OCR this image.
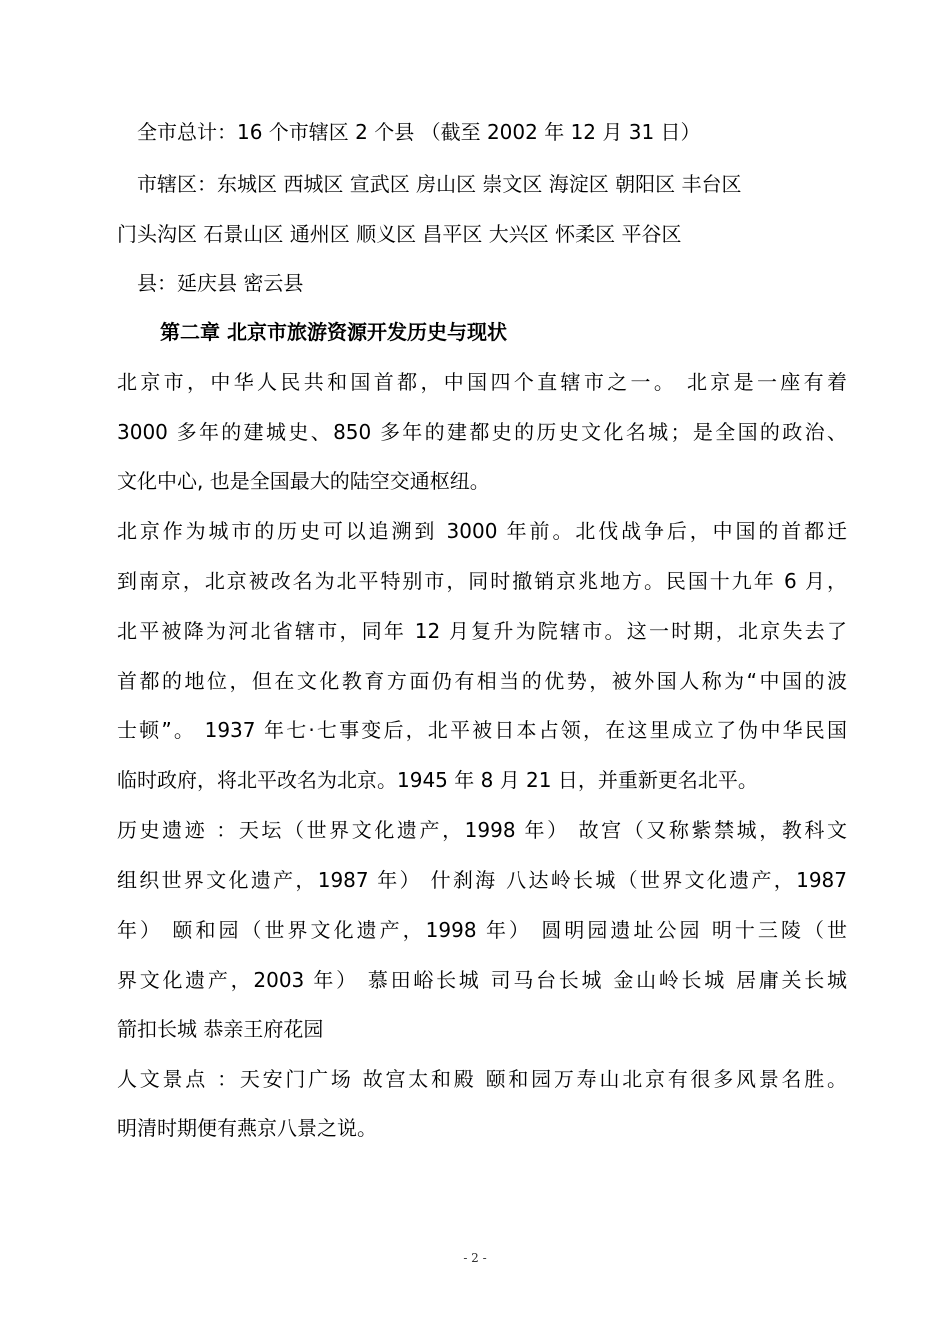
全市总计：16 个市辖区 2 个县 （截至 2002 年 12 月 31 日）
市辖区：东城区 西城区 宣武区 房山区 崇文区 海淀区 朝阳区 丰台区
门头沟区 石景山区 通州区 顺义区 昌平区 大兴区 怀柔区 平谷区
县：延庆县 密云县
第二章 北京市旅游资源开发历史与现状
北京市，中华人民共和国首都，中国四个直辖市之一。 北京是一座有着
3000 多年的建城史、850 多年的建都史的历史文化名城；是全国的政治、
文化中心, 也是全国最大的陆空交通枢纽。
北京作为城市的历史可以追溯到 3000 年前。北伐战争后，中国的首都迁
到南京，北京被改名为北平特别市，同时撤销京兆地方。民国十九年 6 月，
北平被降为河北省辖市，同年 12 月复升为院辖市。这一时期，北京失去了
首都的地位，但在文化教育方面仍有相当的优势，被外国人称为“中国的波
士顿”。 1937 年七·七事变后，北平被日本占领，在这里成立了伪中华民国
临时政府，将北平改名为北京。1945 年 8 月 21 日，并重新更名北平。
历史遗迹 ：天坛（世界文化遗产，1998 年） 故宫（又称紫禁城，教科文
组织世界文化遗产，1987 年） 什刹海 八达岭长城（世界文化遗产，1987
年） 颐和园（世界文化遗产，1998 年） 圆明园遗址公园 明十三陵（世
界文化遗产，2003 年） 慕田峪长城 司马台长城 金山岭长城 居庸关长城
箭扣长城 恭亲王府花园
人文景点 ：天安门广场 故宫太和殿 颐和园万寿山北京有很多风景名胜。
明清时期便有燕京八景之说。
- 2 -
